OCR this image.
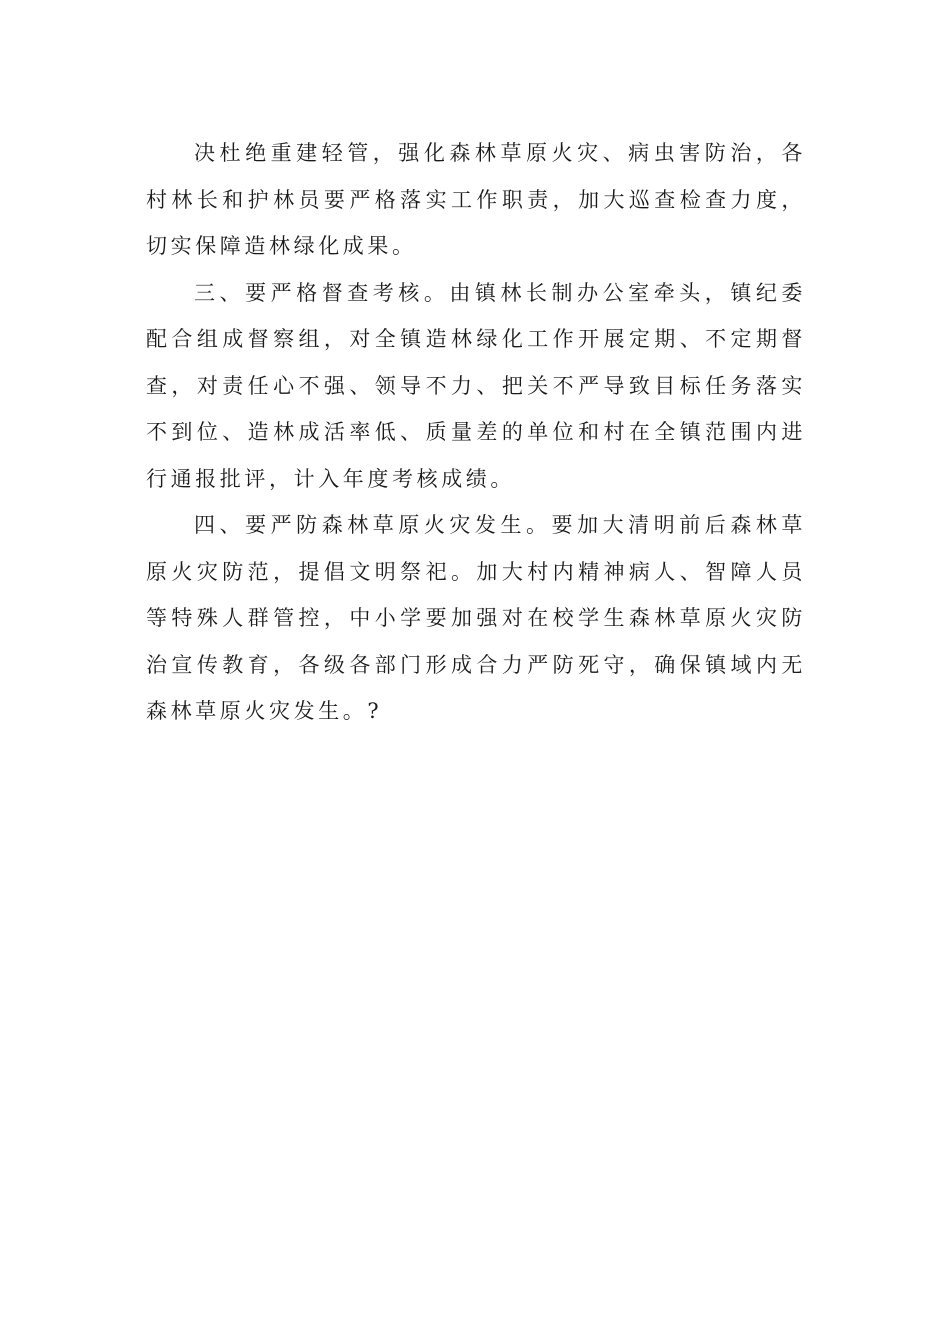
决杜绝重建轻管，强化森林草原火灾、病虫害防治，各村林长和护林员要严格落实工作职责，加大巡查检查力度，切实保障造林绿化成果。

三、要严格督查考核。由镇林长制办公室牵头，镇纪委配合组成督察组，对全镇造林绿化工作开展定期、不定期督查，对责任心不强、领导不力、把关不严导致目标任务落实不到位、造林成活率低、质量差的单位和村在全镇范围内进行通报批评，计入年度考核成绩。

四、要严防森林草原火灾发生。要加大清明前后森林草原火灾防范，提倡文明祭祀。加大村内精神病人、智障人员等特殊人群管控，中小学要加强对在校学生森林草原火灾防治宣传教育，各级各部门形成合力严防死守，确保镇域内无森林草原火灾发生。?
